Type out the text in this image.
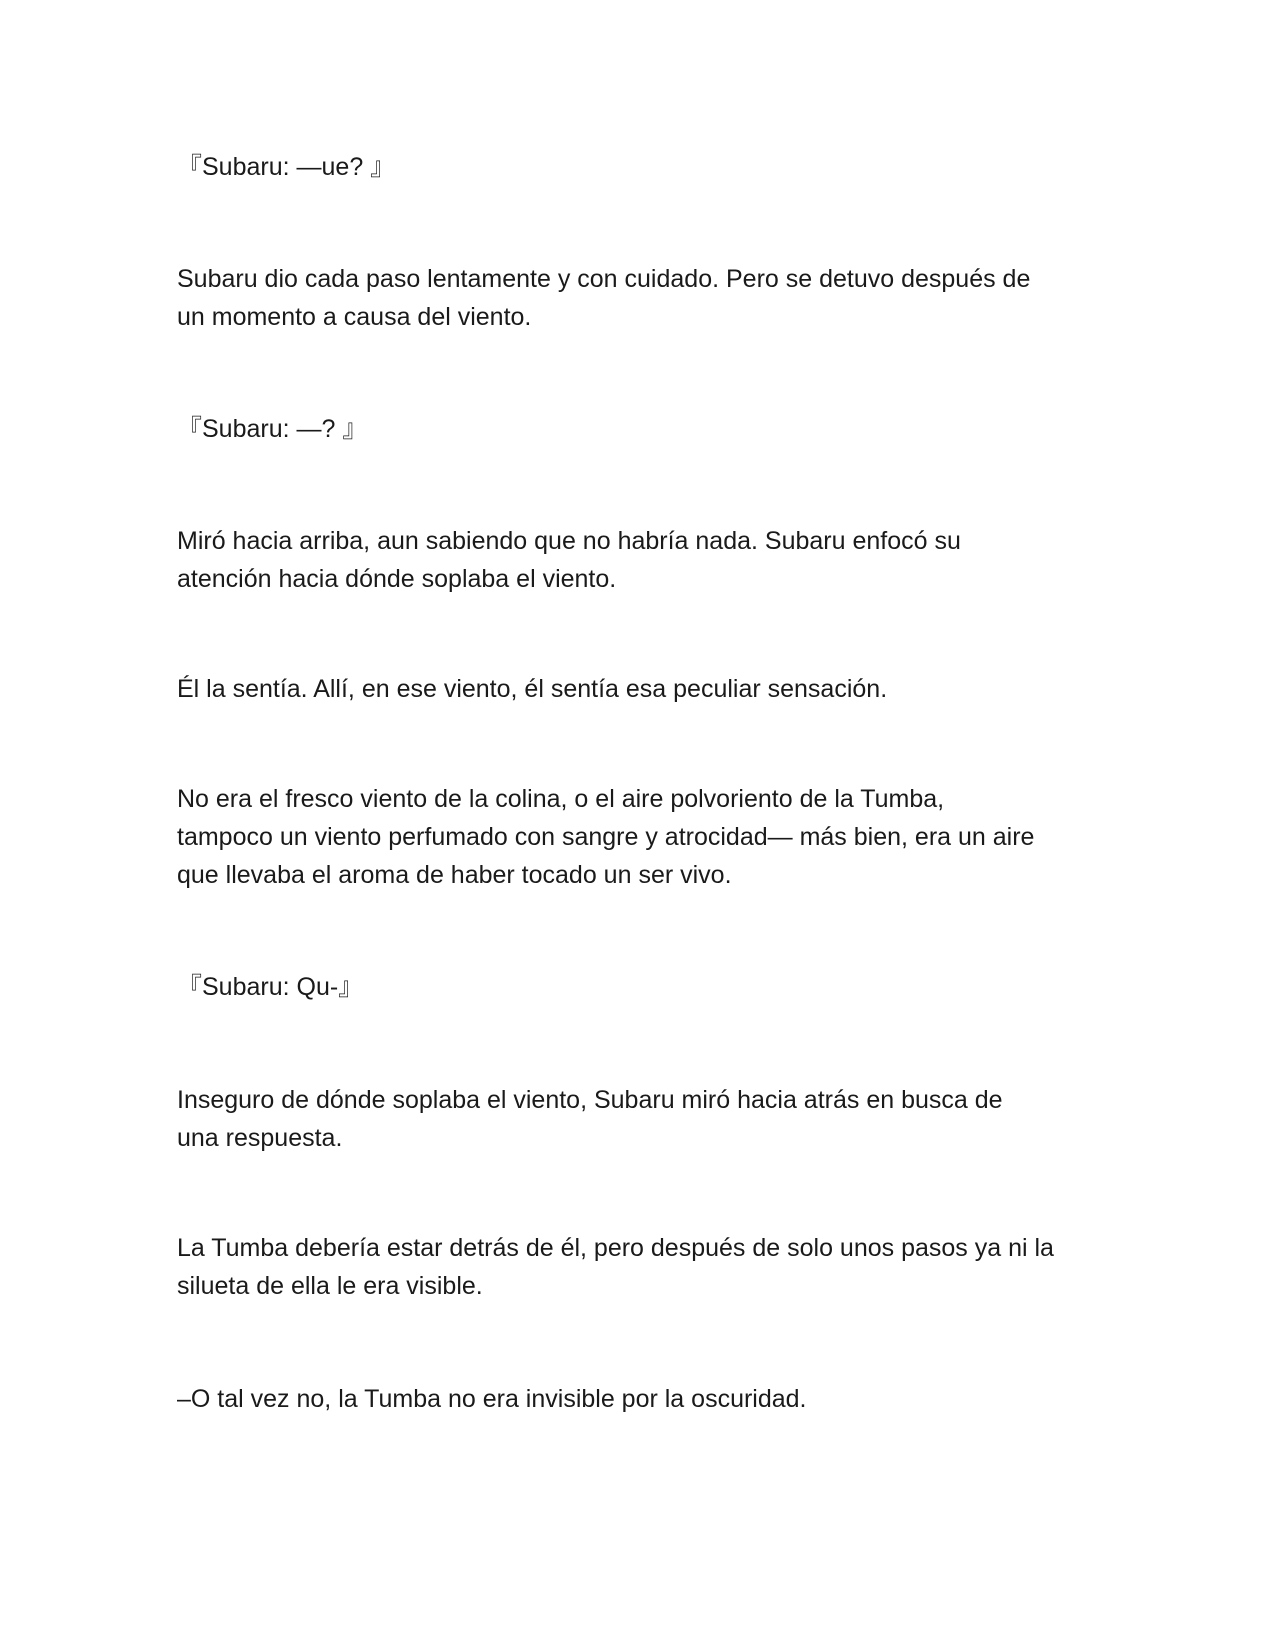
『Subaru: —ue? 』

Subaru dio cada paso lentamente y con cuidado. Pero se detuvo después de
un momento a causa del viento.

『Subaru: —? 』

Miró hacia arriba, aun sabiendo que no habría nada. Subaru enfocó su
atención hacia dónde soplaba el viento.

Él la sentía. Allí, en ese viento, él sentía esa peculiar sensación.

No era el fresco viento de la colina, o el aire polvoriento de la Tumba,
tampoco un viento perfumado con sangre y atrocidad— más bien, era un aire
que llevaba el aroma de haber tocado un ser vivo.

『Subaru: Qu-』

Inseguro de dónde soplaba el viento, Subaru miró hacia atrás en busca de
una respuesta.

La Tumba debería estar detrás de él, pero después de solo unos pasos ya ni la
silueta de ella le era visible.

–O tal vez no, la Tumba no era invisible por la oscuridad.
